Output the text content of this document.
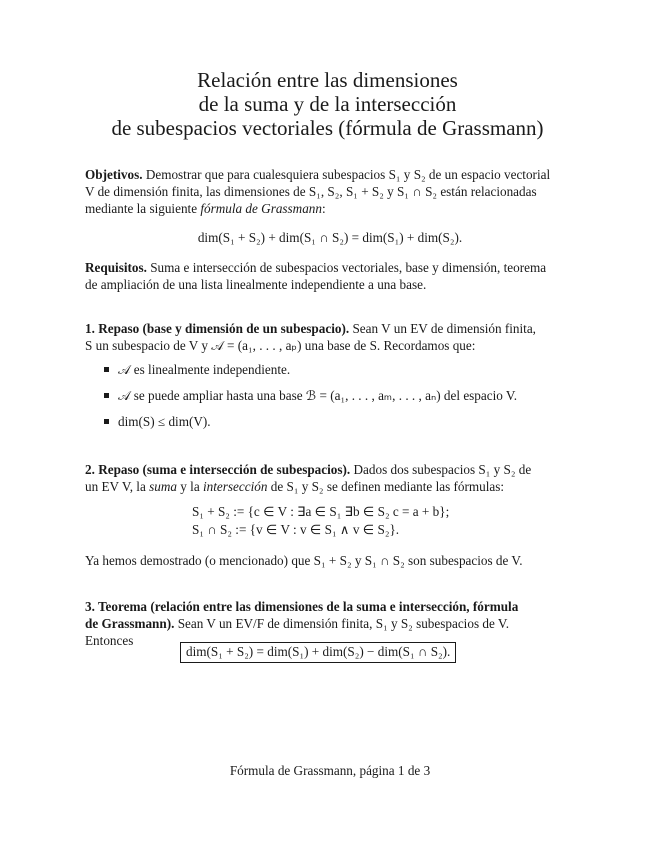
Relación entre las dimensiones
de la suma y de la intersección
de subespacios vectoriales (fórmula de Grassmann)
Objetivos. Demostrar que para cualesquiera subespacios S₁ y S₂ de un espacio vectorial
V de dimensión finita, las dimensiones de S₁, S₂, S₁ + S₂ y S₁ ∩ S₂ están relacionadas
mediante la siguiente fórmula de Grassmann:
dim(S₁ + S₂) + dim(S₁ ∩ S₂) = dim(S₁) + dim(S₂).
Requisitos. Suma e intersección de subespacios vectoriales, base y dimensión, teorema
de ampliación de una lista linealmente independiente a una base.
1. Repaso (base y dimensión de un subespacio). Sean V un EV de dimensión finita,
S un subespacio de V y 𝒜 = (a₁, . . . , aₚ) una base de S. Recordamos que:
𝒜 es linealmente independiente.
𝒜 se puede ampliar hasta una base ℬ = (a₁, . . . , aₘ, . . . , aₙ) del espacio V.
dim(S) ≤ dim(V).
2. Repaso (suma e intersección de subespacios). Dados dos subespacios S₁ y S₂ de
un EV V, la suma y la intersección de S₁ y S₂ se definen mediante las fórmulas:
S₁ + S₂ := {c ∈ V : ∃a ∈ S₁ ∃b ∈ S₂ c = a + b};
S₁ ∩ S₂ := {v ∈ V : v ∈ S₁ ∧ v ∈ S₂}.
Ya hemos demostrado (o mencionado) que S₁ + S₂ y S₁ ∩ S₂ son subespacios de V.
3. Teorema (relación entre las dimensiones de la suma e intersección, fórmula
de Grassmann). Sean V un EV/F de dimensión finita, S₁ y S₂ subespacios de V.
Entonces
dim(S₁ + S₂) = dim(S₁) + dim(S₂) − dim(S₁ ∩ S₂).
Fórmula de Grassmann, página 1 de 3
